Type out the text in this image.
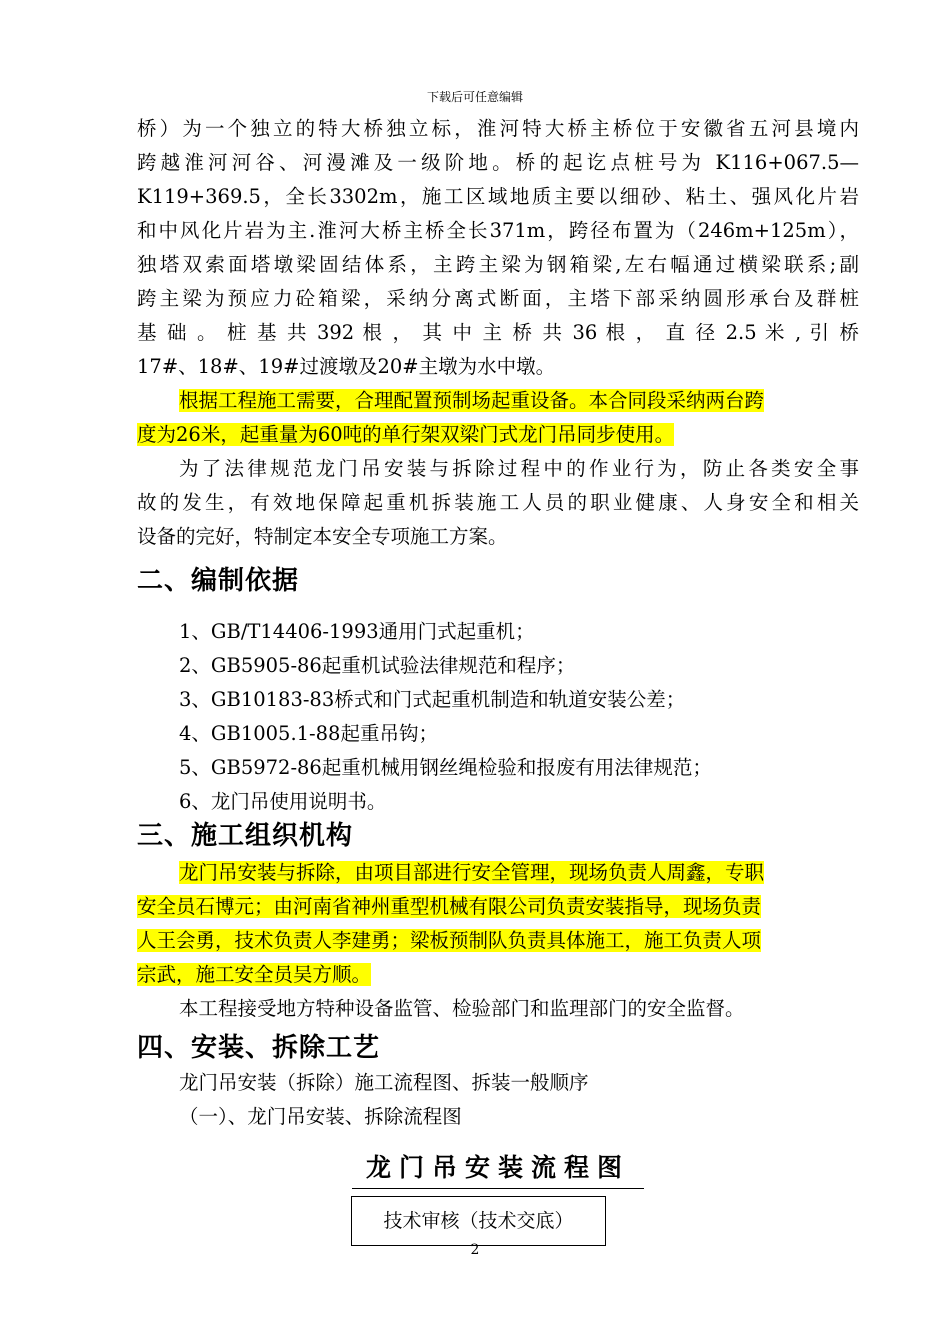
下载后可任意编辑
桥）为一个独立的特大桥独立标，淮河特大桥主桥位于安徽省五河县境内
跨越淮河河谷、河漫滩及一级阶地。桥的起讫点桩号为 K116+067.5—
K119+369.5，全长3302m，施工区域地质主要以细砂、粘土、强风化片岩
和中风化片岩为主.淮河大桥主桥全长371m，跨径布置为（246m+125m），
独塔双索面塔墩梁固结体系，主跨主梁为钢箱梁,左右幅通过横梁联系;副
跨主梁为预应力砼箱梁，采纳分离式断面，主塔下部采纳圆形承台及群桩
基 础 。 桩 基 共 392 根 ， 其 中 主 桥 共 36 根 ， 直 径 2.5 米 , 引 桥
17#、18#、19#过渡墩及20#主墩为水中墩。
根据工程施工需要，合理配置预制场起重设备。本合同段采纳两台跨
度为26米，起重量为60吨的单行架双梁门式龙门吊同步使用。
为了法律规范龙门吊安装与拆除过程中的作业行为，防止各类安全事
故的发生，有效地保障起重机拆装施工人员的职业健康、人身安全和相关
设备的完好，特制定本安全专项施工方案。
二、编制依据
1、GB/T14406-1993通用门式起重机；
2、GB5905-86起重机试验法律规范和程序；
3、GB10183-83桥式和门式起重机制造和轨道安装公差；
4、GB1005.1-88起重吊钩；
5、GB5972-86起重机械用钢丝绳检验和报废有用法律规范；
6、龙门吊使用说明书。
三、施工组织机构
龙门吊安装与拆除，由项目部进行安全管理，现场负责人周鑫，专职
安全员石博元；由河南省神州重型机械有限公司负责安装指导，现场负责
人王会勇，技术负责人李建勇；梁板预制队负责具体施工，施工负责人项
宗武，施工安全员吴方顺。
本工程接受地方特种设备监管、检验部门和监理部门的安全监督。
四、安装、拆除工艺
龙门吊安装（拆除）施工流程图、拆装一般顺序
（一）、龙门吊安装、拆除流程图
龙门吊安装流程图
技术审核（技术交底）
2
